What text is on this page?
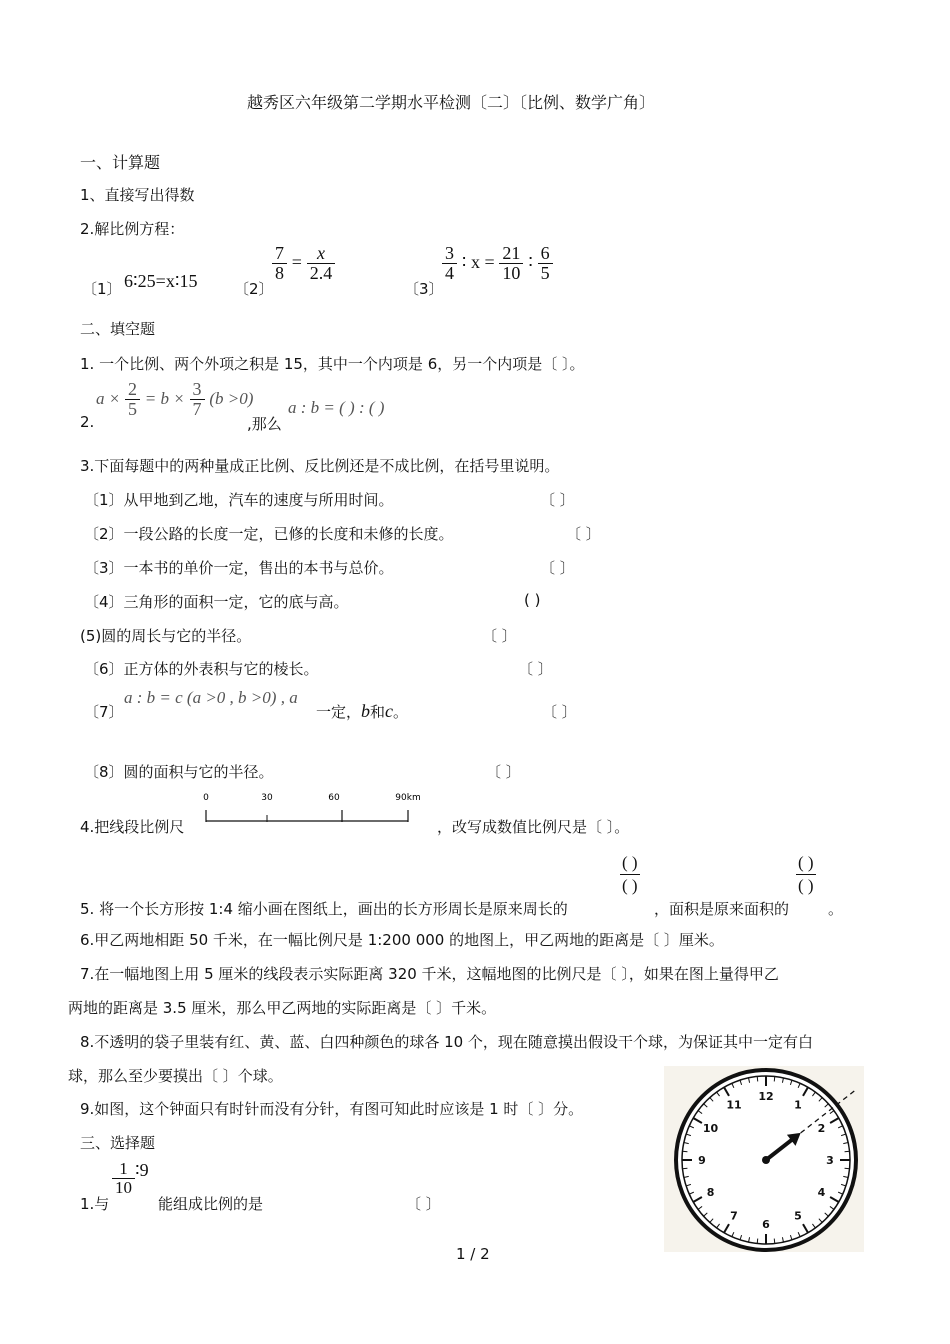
越秀区六年级第二学期水平检测〔二〕〔比例、数学广角〕
一、计算题
1、直接写出得数
2.解比例方程：
〔1〕 6∶25=x∶15 〔2〕
$\frac{7}{8} = \frac{x}{2.4}$
〔3〕
$\frac{3}{4}$ ∶ $x = \frac{21}{10}$ ∶ $\frac{6}{5}$
二、填空题
1. 一个比例、两个外项之积是 15，其中一个内项是 6，另一个内项是〔 〕。
2.
$a \times \frac{2}{5} = b \times \frac{3}{7} (b >0)$
,那么
a : b = ( ) : ( )
3.下面每题中的两种量成正比例、反比例还是不成比例，在括号里说明。
〔1〕从甲地到乙地，汽车的速度与所用时间。	〔 〕
〔2〕一段公路的长度一定，已修的长度和未修的长度。	〔 〕
〔3〕一本书的单价一定，售出的本书与总价。	〔 〕
〔4〕三角形的面积一定，它的底与高。	( )
(5)圆的周长与它的半径。	〔 〕
〔6〕正方体的外表积与它的棱长。	〔 〕
〔7〕
a : b = c (a >0 , b >0) , a
一定，b和c。	〔 〕
〔8〕圆的面积与它的半径。	〔 〕
4.把线段比例尺
0	30	60	90km
，改写成数值比例尺是〔 〕。
5. 将一个长方形按 1:4 缩小画在图纸上，画出的长方形周长是原来周长的
$\frac{( )}{( )}$
，面积是原来面积的
$\frac{( )}{( )}$
。
6.甲乙两地相距 50 千米，在一幅比例尺是 1:200 000 的地图上，甲乙两地的距离是〔 〕厘米。
7.在一幅地图上用 5 厘米的线段表示实际距离 320 千米，这幅地图的比例尺是〔 〕，如果在图上量得甲乙
两地的距离是 3.5 厘米，那么甲乙两地的实际距离是〔 〕千米。
8.不透明的袋子里装有红、黄、蓝、白四种颜色的球各 10 个，现在随意摸出假设干个球，为保证其中一定有白
球，那么至少要摸出〔 〕个球。
9.如图，这个钟面只有时针而没有分针，有图可知此时应该是 1 时〔 〕分。
三、选择题
1.与
$\frac{1}{10}$ ∶9
能组成比例的是	〔 〕
12
1
2
3
4
5
6
7
8
9
10
11
1 / 2
